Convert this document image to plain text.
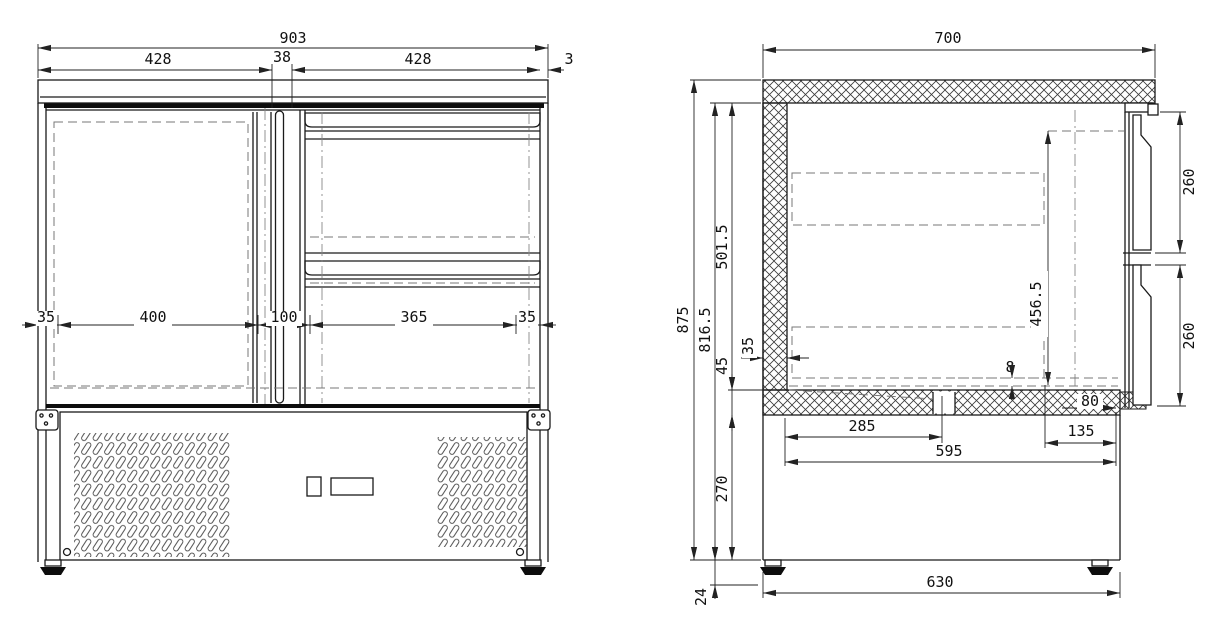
903
428	38	428	3
35	400	100	365	35
700
875 816.5
501.5
45
270
24
35
456.5
260
260
8
80
285	135
595
630
